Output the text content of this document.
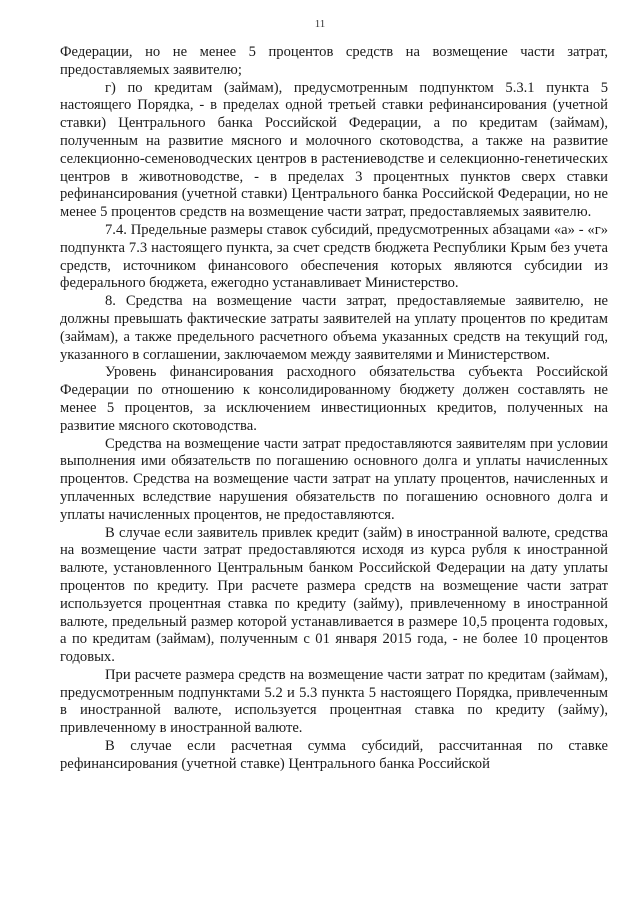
11

Федерации, но не менее 5 процентов средств на возмещение части затрат, предоставляемых заявителю;

г) по кредитам (займам), предусмотренным подпунктом 5.3.1 пункта 5 настоящего Порядка, - в пределах одной третьей ставки рефинансирования (учетной ставки) Центрального банка Российской Федерации, а по кредитам (займам), полученным на развитие мясного и молочного скотоводства, а также на развитие селекционно-семеноводческих центров в растениеводстве и селекционно-генетических центров в животноводстве, - в пределах 3 процентных пунктов сверх ставки рефинансирования (учетной ставки) Центрального банка Российской Федерации, но не менее 5 процентов средств на возмещение части затрат, предоставляемых заявителю.

7.4. Предельные размеры ставок субсидий, предусмотренных абзацами «а» - «г» подпункта 7.3 настоящего пункта, за счет средств бюджета Республики Крым без учета средств, источником финансового обеспечения которых являются субсидии из федерального бюджета, ежегодно устанавливает Министерство.

8. Средства на возмещение части затрат, предоставляемые заявителю, не должны превышать фактические затраты заявителей на уплату процентов по кредитам (займам), а также предельного расчетного объема указанных средств на текущий год, указанного в соглашении, заключаемом между заявителями и Министерством.

Уровень финансирования расходного обязательства субъекта Российской Федерации по отношению к консолидированному бюджету должен составлять не менее 5 процентов, за исключением инвестиционных кредитов, полученных на развитие мясного скотоводства.

Средства на возмещение части затрат предоставляются заявителям при условии выполнения ими обязательств по погашению основного долга и уплаты начисленных процентов. Средства на возмещение части затрат на уплату процентов, начисленных и уплаченных вследствие нарушения обязательств по погашению основного долга и уплаты начисленных процентов, не предоставляются.

В случае если заявитель привлек кредит (займ) в иностранной валюте, средства на возмещение части затрат предоставляются исходя из курса рубля к иностранной валюте, установленного Центральным банком Российской Федерации на дату уплаты процентов по кредиту. При расчете размера средств на возмещение части затрат используется процентная ставка по кредиту (займу), привлеченному в иностранной валюте, предельный размер которой устанавливается в размере 10,5 процента годовых, а по кредитам (займам), полученным с 01 января 2015 года, - не более 10 процентов годовых.

При расчете размера средств на возмещение части затрат по кредитам (займам), предусмотренным подпунктами 5.2 и 5.3 пункта 5 настоящего Порядка, привлеченным в иностранной валюте, используется процентная ставка по кредиту (займу), привлеченному в иностранной валюте.

В случае если расчетная сумма субсидий, рассчитанная по ставке рефинансирования (учетной ставке) Центрального банка Российской
